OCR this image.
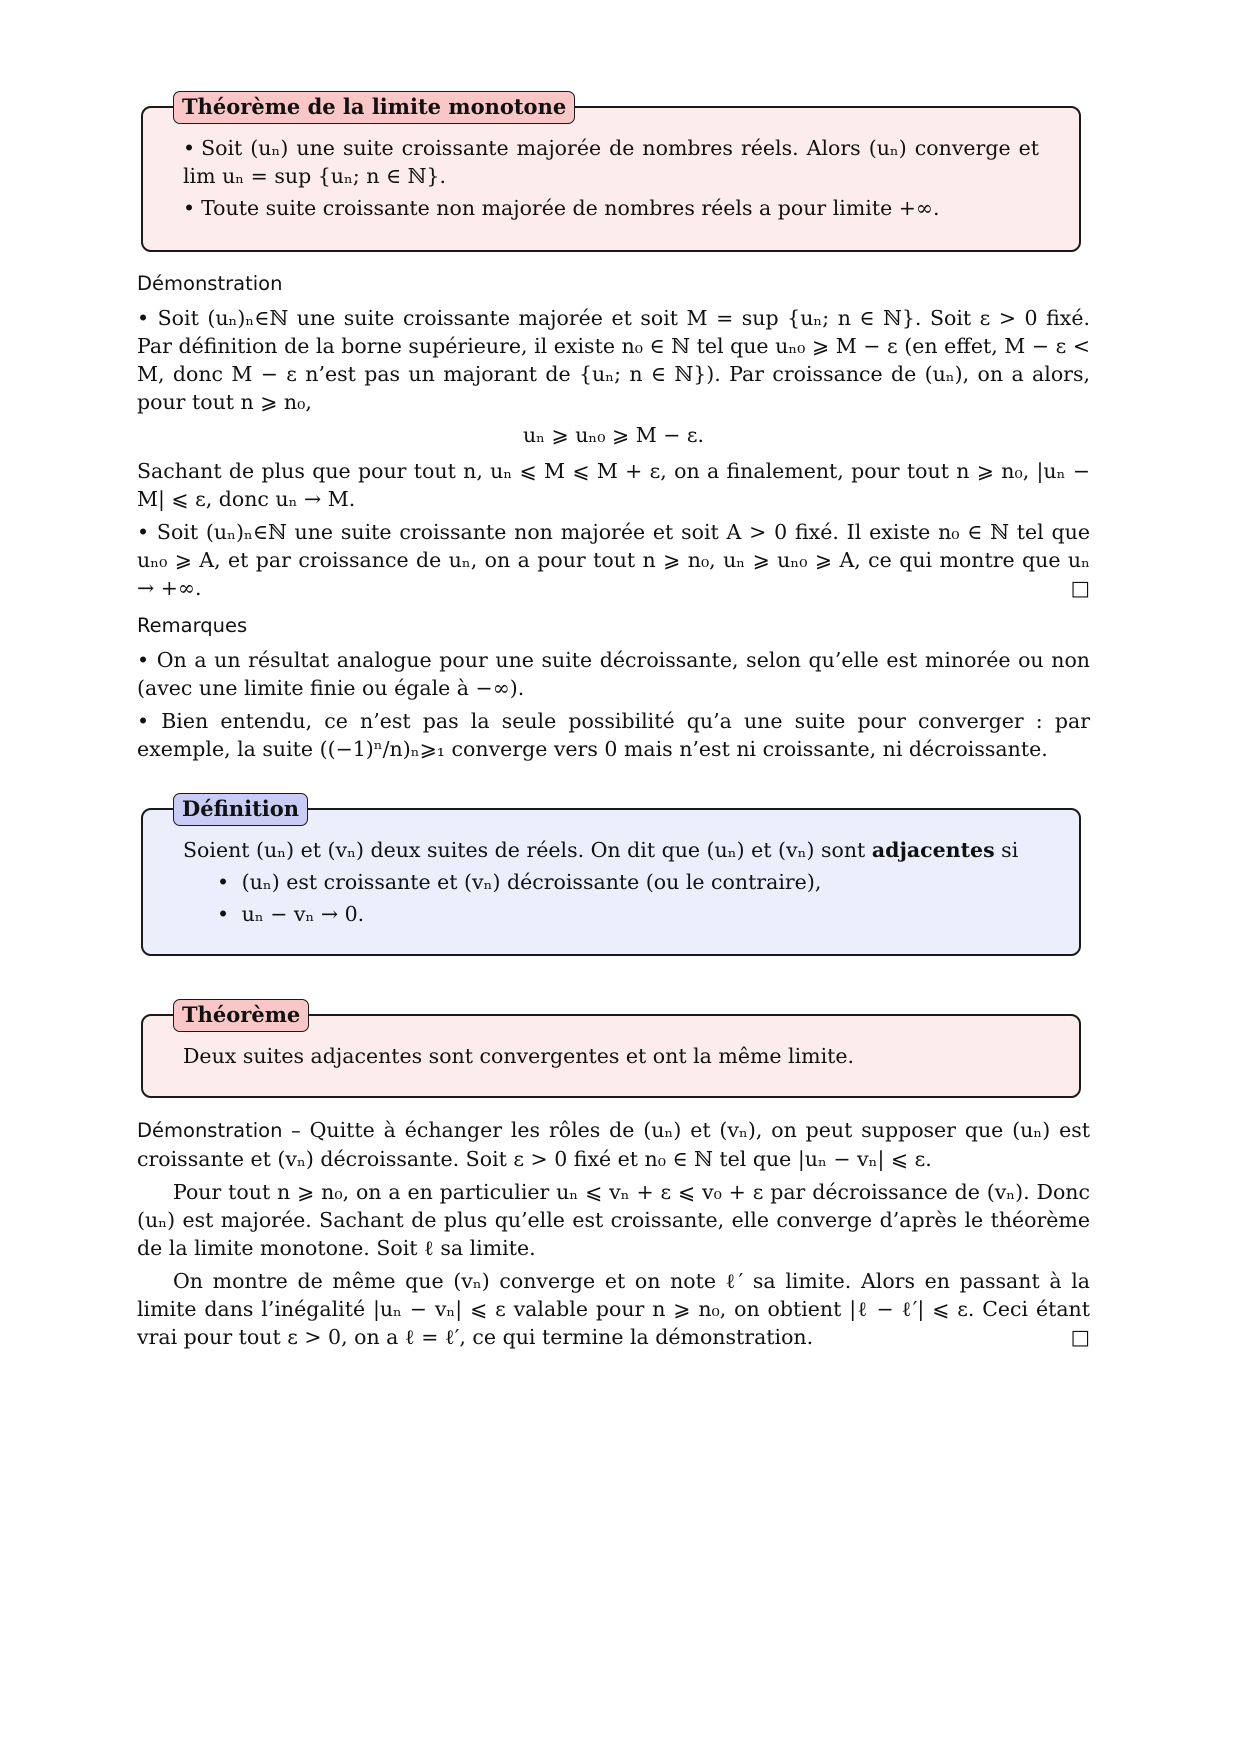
Théorème de la limite monotone

• Soit (uₙ) une suite croissante majorée de nombres réels. Alors (uₙ) converge et lim uₙ = sup {uₙ; n ∈ ℕ}.

• Toute suite croissante non majorée de nombres réels a pour limite +∞.

Démonstration

• Soit (uₙ)ₙ∈ℕ une suite croissante majorée et soit M = sup {uₙ; n ∈ ℕ}. Soit ε > 0 fixé. Par définition de la borne supérieure, il existe n₀ ∈ ℕ tel que uₙ₀ ⩾ M − ε (en effet, M − ε < M, donc M − ε n’est pas un majorant de {uₙ; n ∈ ℕ}). Par croissance de (uₙ), on a alors, pour tout n ⩾ n₀,

uₙ ⩾ uₙ₀ ⩾ M − ε.

Sachant de plus que pour tout n, uₙ ⩽ M ⩽ M + ε, on a finalement, pour tout n ⩾ n₀, |uₙ − M| ⩽ ε, donc uₙ → M.

• Soit (uₙ)ₙ∈ℕ une suite croissante non majorée et soit A > 0 fixé. Il existe n₀ ∈ ℕ tel que uₙ₀ ⩾ A, et par croissance de uₙ, on a pour tout n ⩾ n₀, uₙ ⩾ uₙ₀ ⩾ A, ce qui montre que uₙ → +∞.	□

Remarques

• On a un résultat analogue pour une suite décroissante, selon qu’elle est minorée ou non (avec une limite finie ou égale à −∞).

• Bien entendu, ce n’est pas la seule possibilité qu’a une suite pour converger : par exemple, la suite ((−1)ⁿ/n)ₙ⩾₁ converge vers 0 mais n’est ni croissante, ni décroissante.

Définition

Soient (uₙ) et (vₙ) deux suites de réels. On dit que (uₙ) et (vₙ) sont adjacentes si

• (uₙ) est croissante et (vₙ) décroissante (ou le contraire),
• uₙ − vₙ → 0.
Théorème

Deux suites adjacentes sont convergentes et ont la même limite.

Démonstration – Quitte à échanger les rôles de (uₙ) et (vₙ), on peut supposer que (uₙ) est croissante et (vₙ) décroissante. Soit ε > 0 fixé et n₀ ∈ ℕ tel que |uₙ − vₙ| ⩽ ε.

Pour tout n ⩾ n₀, on a en particulier uₙ ⩽ vₙ + ε ⩽ v₀ + ε par décroissance de (vₙ). Donc (uₙ) est majorée. Sachant de plus qu’elle est croissante, elle converge d’après le théorème de la limite monotone. Soit ℓ sa limite.

On montre de même que (vₙ) converge et on note ℓ′ sa limite. Alors en passant à la limite dans l’inégalité |uₙ − vₙ| ⩽ ε valable pour n ⩾ n₀, on obtient |ℓ − ℓ′| ⩽ ε. Ceci étant vrai pour tout ε > 0, on a ℓ = ℓ′, ce qui termine la démonstration.	□
